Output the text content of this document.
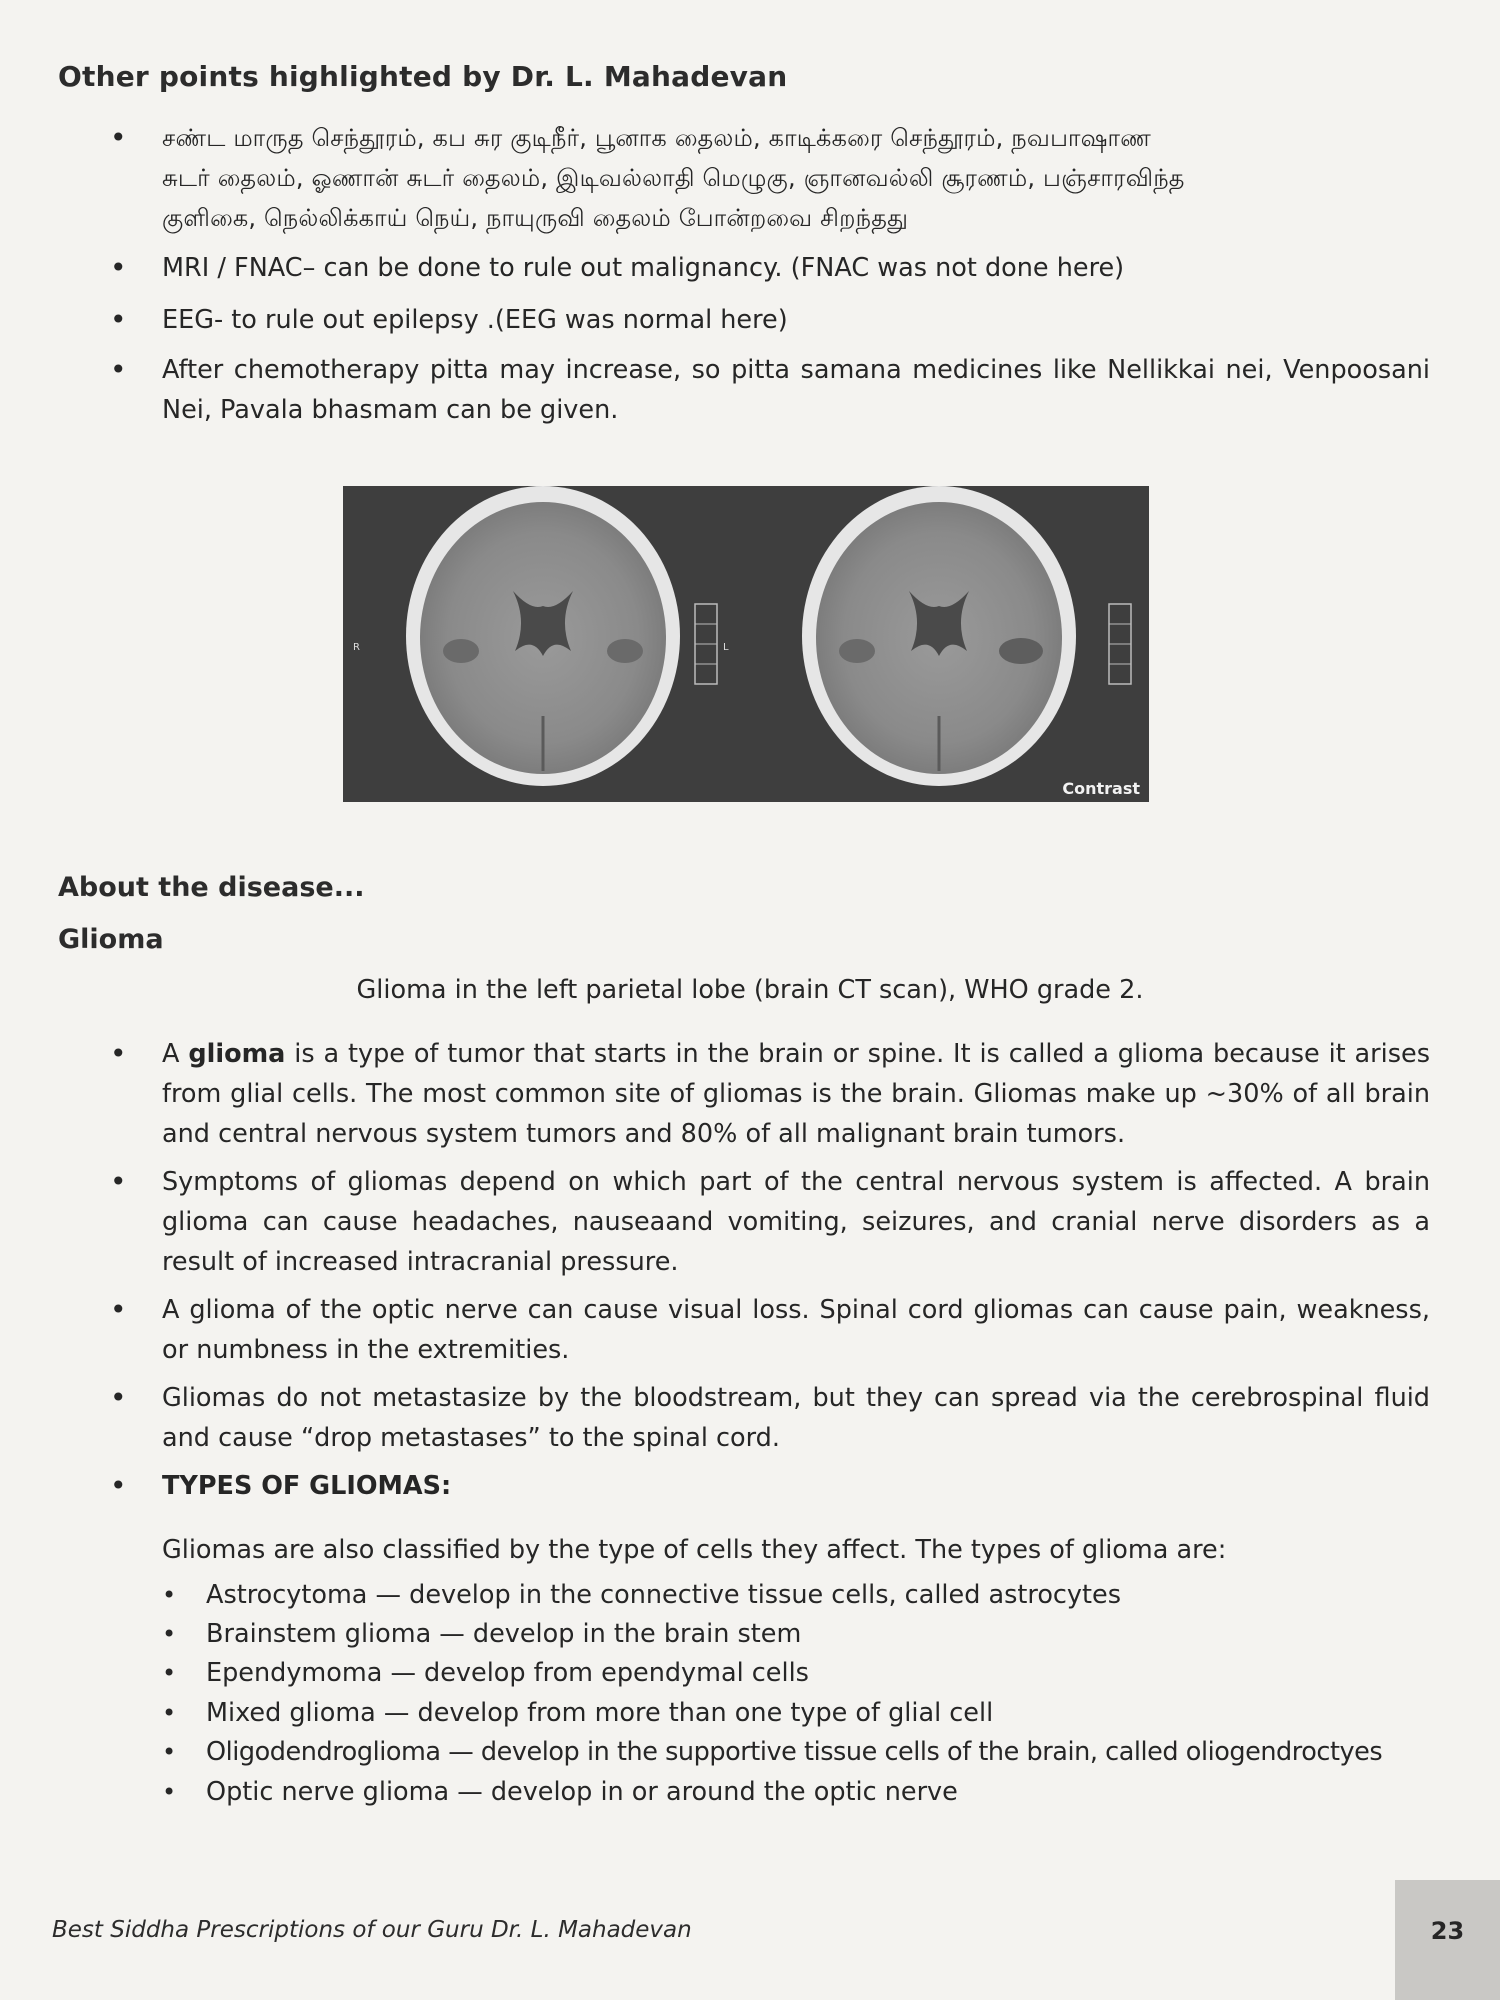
Other points highlighted by Dr. L. Mahadevan
• சண்ட மாருத செந்தூரம், கப சுர குடிநீர், பூனாக தைலம், காடிக்கரை செந்தூரம், நவபாஷாண
சுடர் தைலம், ஓணான் சுடர் தைலம், இடிவல்லாதி மெழுகு, ஞானவல்லி சூரணம், பஞ்சாரவிந்த
குளிகை, நெல்லிக்காய் நெய், நாயுருவி தைலம் போன்றவை சிறந்தது
• MRI / FNAC– can be done to rule out malignancy. (FNAC was not done here)
• EEG- to rule out epilepsy .(EEG was normal here)
• After chemotherapy pitta may increase, so pitta samana medicines like Nellikkai nei, Venpoosani Nei, Pavala bhasmam can be given.
R	L
Contrast
About the disease...
Glioma
Glioma in the left parietal lobe (brain CT scan), WHO grade 2.
• A glioma is a type of tumor that starts in the brain or spine. It is called a glioma because it arises from glial cells. The most common site of gliomas is the brain. Gliomas make up ~30% of all brain and central nervous system tumors and 80% of all malignant brain tumors.
• Symptoms of gliomas depend on which part of the central nervous system is affected. A brain glioma can cause headaches, nauseaand vomiting, seizures, and cranial nerve disorders as a result of increased intracranial pressure.
• A glioma of the optic nerve can cause visual loss. Spinal cord gliomas can cause pain, weakness, or numbness in the extremities.
• Gliomas do not metastasize by the bloodstream, but they can spread via the cerebrospinal fluid and cause “drop metastases” to the spinal cord.
• TYPES OF GLIOMAS:
Gliomas are also classified by the type of cells they affect. The types of glioma are:
• Astrocytoma — develop in the connective tissue cells, called astrocytes
• Brainstem glioma — develop in the brain stem
• Ependymoma — develop from ependymal cells
• Mixed glioma — develop from more than one type of glial cell
• Oligodendroglioma — develop in the supportive tissue cells of the brain, called oliogendroctyes
• Optic nerve glioma — develop in or around the optic nerve
Best Siddha Prescriptions of our Guru Dr. L. Mahadevan	23
